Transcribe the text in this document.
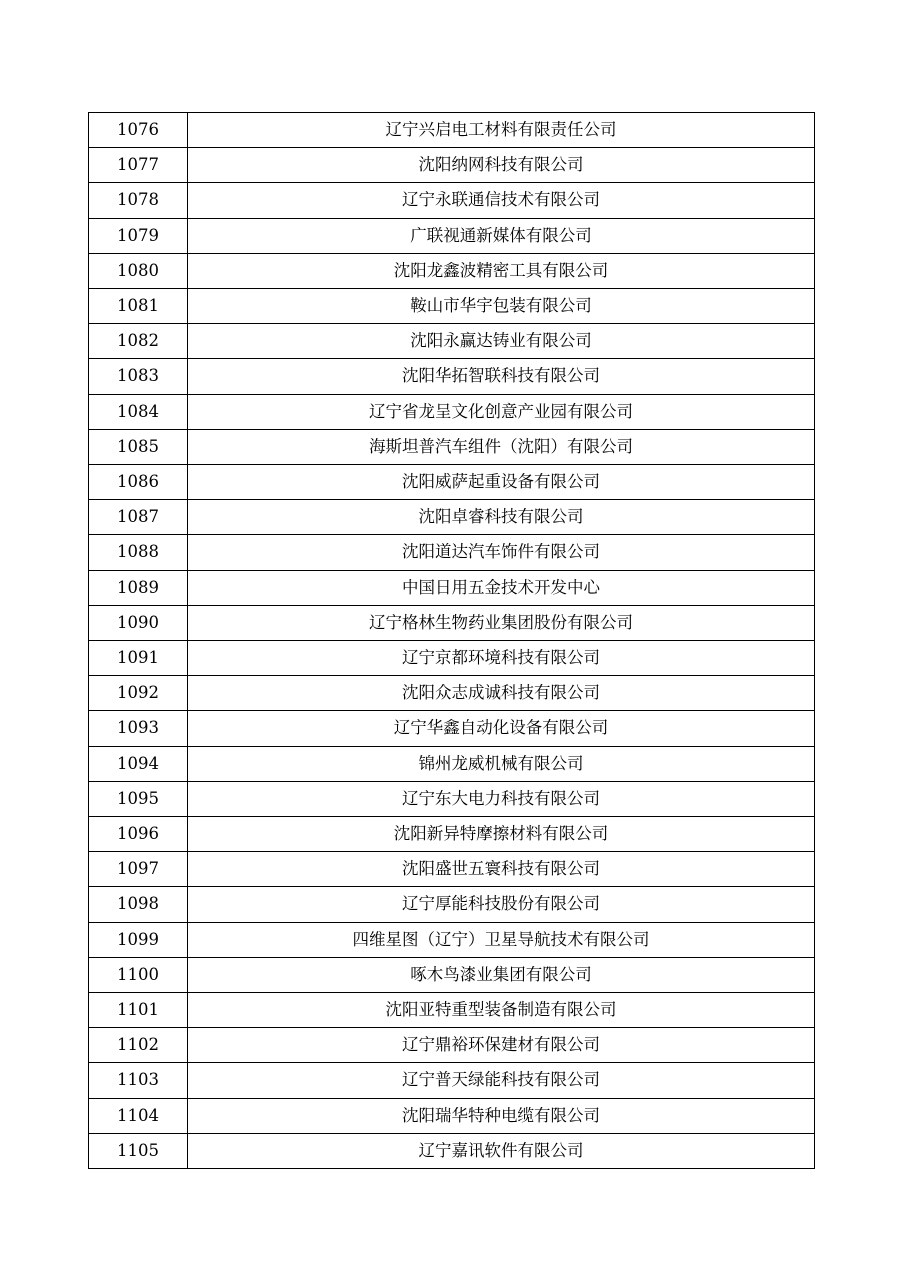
1076	辽宁兴启电工材料有限责任公司
1077	沈阳纳网科技有限公司
1078	辽宁永联通信技术有限公司
1079	广联视通新媒体有限公司
1080	沈阳龙鑫波精密工具有限公司
1081	鞍山市华宇包装有限公司
1082	沈阳永赢达铸业有限公司
1083	沈阳华拓智联科技有限公司
1084	辽宁省龙呈文化创意产业园有限公司
1085	海斯坦普汽车组件（沈阳）有限公司
1086	沈阳威萨起重设备有限公司
1087	沈阳卓睿科技有限公司
1088	沈阳道达汽车饰件有限公司
1089	中国日用五金技术开发中心
1090	辽宁格林生物药业集团股份有限公司
1091	辽宁京都环境科技有限公司
1092	沈阳众志成诚科技有限公司
1093	辽宁华鑫自动化设备有限公司
1094	锦州龙威机械有限公司
1095	辽宁东大电力科技有限公司
1096	沈阳新异特摩擦材料有限公司
1097	沈阳盛世五寰科技有限公司
1098	辽宁厚能科技股份有限公司
1099	四维星图（辽宁）卫星导航技术有限公司
1100	啄木鸟漆业集团有限公司
1101	沈阳亚特重型装备制造有限公司
1102	辽宁鼎裕环保建材有限公司
1103	辽宁普天绿能科技有限公司
1104	沈阳瑞华特种电缆有限公司
1105	辽宁嘉讯软件有限公司
